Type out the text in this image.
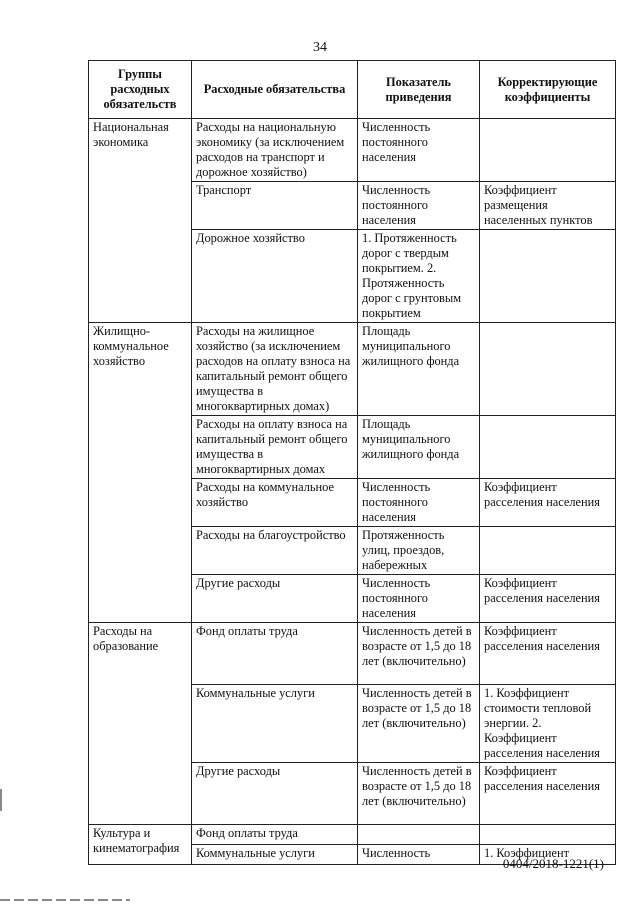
34
Группы расходных обязательств	Расходные обязательства	Показатель приведения	Корректирующие коэффициенты
Национальная экономика	Расходы на национальную экономику (за исключением расходов на транспорт и дорожное хозяйство)	Численность постоянного населения	
	Транспорт	Численность постоянного населения	Коэффициент размещения населенных пунктов
	Дорожное хозяйство	1. Протяженность дорог с твердым покрытием. 2. Протяженность дорог с грунтовым покрытием	
Жилищно-коммунальное хозяйство	Расходы на жилищное хозяйство (за исключением расходов на оплату взноса на капитальный ремонт общего имущества в многоквартирных домах)	Площадь муниципального жилищного фонда	
	Расходы на оплату взноса на капитальный ремонт общего имущества в многоквартирных домах	Площадь муниципального жилищного фонда	
	Расходы на коммунальное хозяйство	Численность постоянного населения	Коэффициент расселения населения
	Расходы на благоустройство	Протяженность улиц, проездов, набережных	
	Другие расходы	Численность постоянного населения	Коэффициент расселения населения
Расходы на образование	Фонд оплаты труда	Численность детей в возрасте от 1,5 до 18 лет (включительно)	Коэффициент расселения населения
	Коммунальные услуги	Численность детей в возрасте от 1,5 до 18 лет (включительно)	1. Коэффициент стоимости тепловой энергии. 2. Коэффициент расселения населения
	Другие расходы	Численность детей в возрасте от 1,5 до 18 лет (включительно)	Коэффициент расселения населения
Культура и кинематография	Фонд оплаты труда		
	Коммунальные услуги	Численность	1. Коэффициент
0404/2018-1221(1)
